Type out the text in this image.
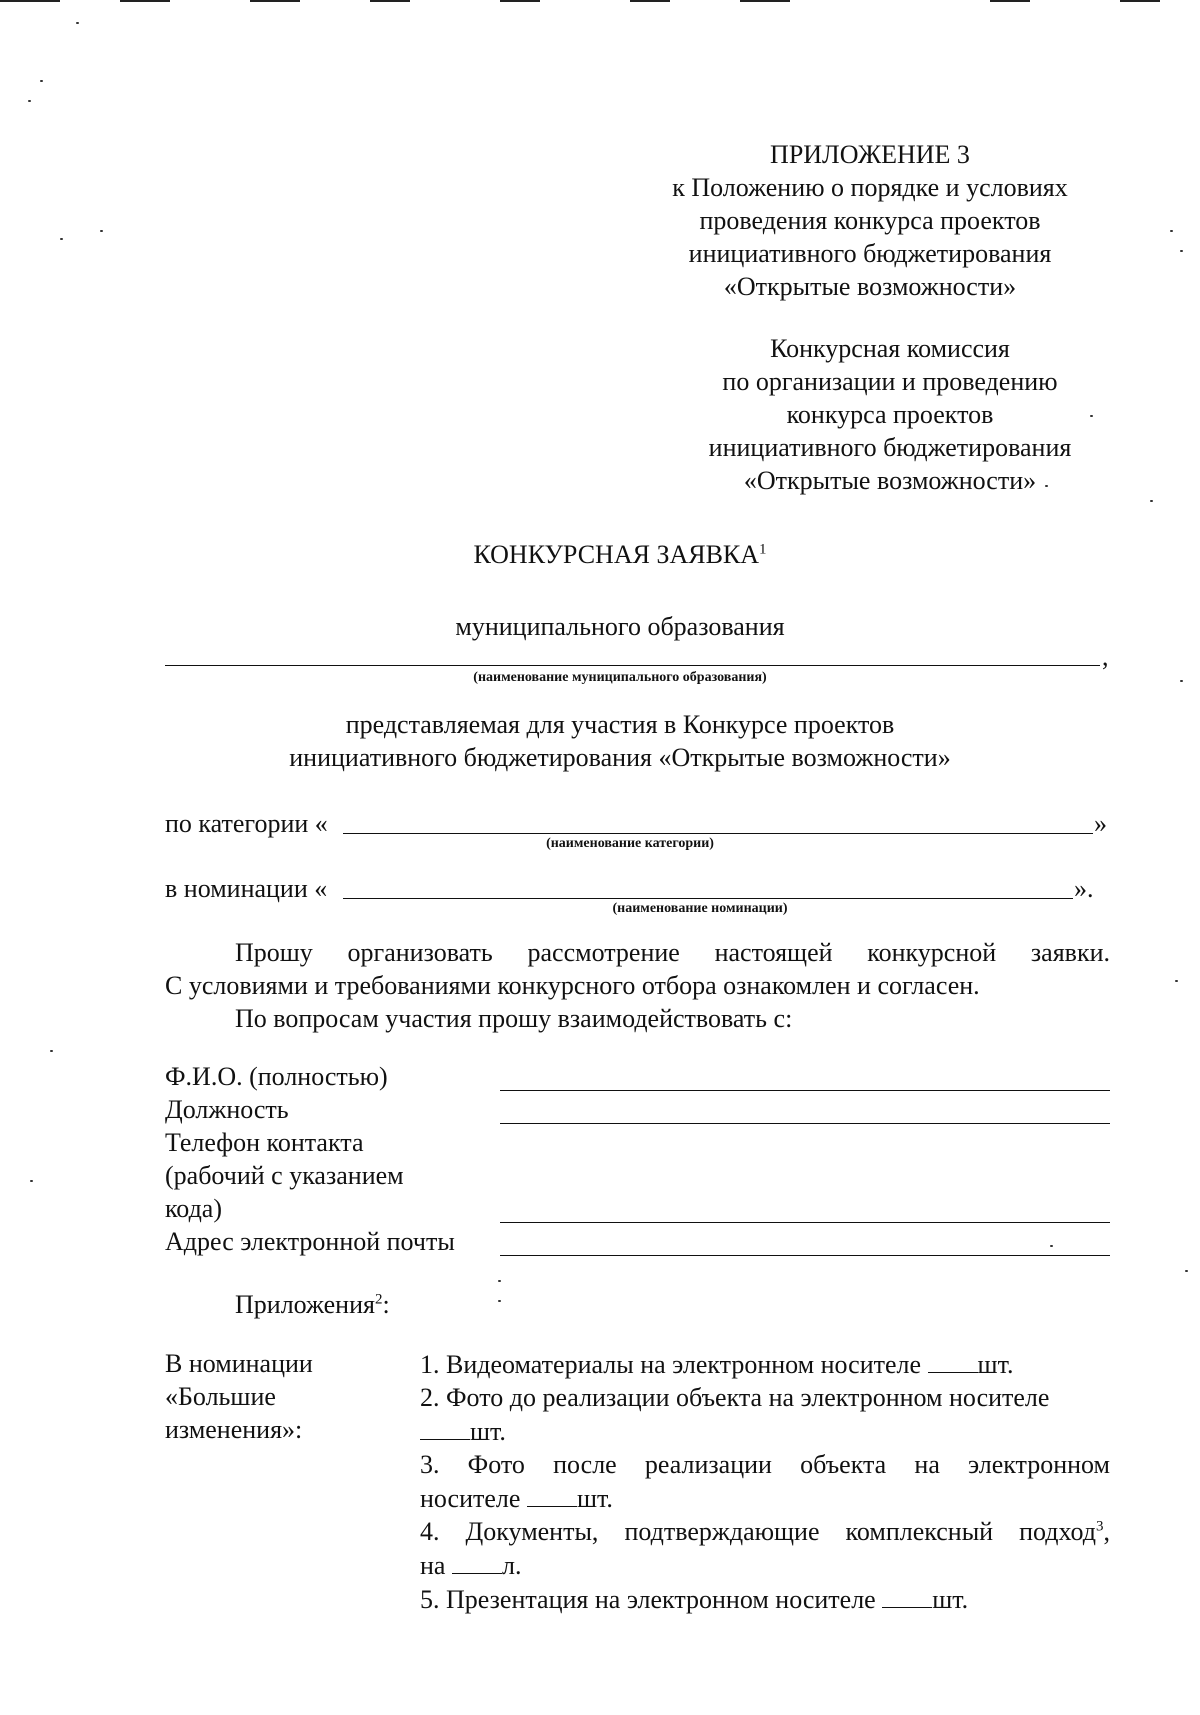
ПРИЛОЖЕНИЕ 3
к Положению о порядке и условиях
проведения конкурса проектов
инициативного бюджетирования
«Открытые возможности»
Конкурсная комиссия
по организации и проведению
конкурса проектов
инициативного бюджетирования
«Открытые возможности»
КОНКУРСНАЯ ЗАЯВКА$^1$
муниципального образования
,
(наименование муниципального образования)
представляемая для участия в Конкурсе проектов
инициативного бюджетирования «Открытые возможности»
по категории «	»
(наименование категории)
в номинации «	».
(наименование номинации)
Прошу организовать рассмотрение настоящей конкурсной заявки.
С условиями и требованиями конкурсного отбора ознакомлен и согласен.
По вопросам участия прошу взаимодействовать с:
Ф.И.О. (полностью)
Должность
Телефон контакта
(рабочий с указанием
кода)
Адрес электронной почты
Приложения$^2$:
В номинации
«Большие
изменения»:
1. Видеоматериалы на электронном носителе шт.
2. Фото до реализации объекта на электронном носителе
шт.
3. Фото после реализации объекта на электронном
носителе шт.
4. Документы, подтверждающие комплексный подход$^3$,
на л.
5. Презентация на электронном носителе шт.
